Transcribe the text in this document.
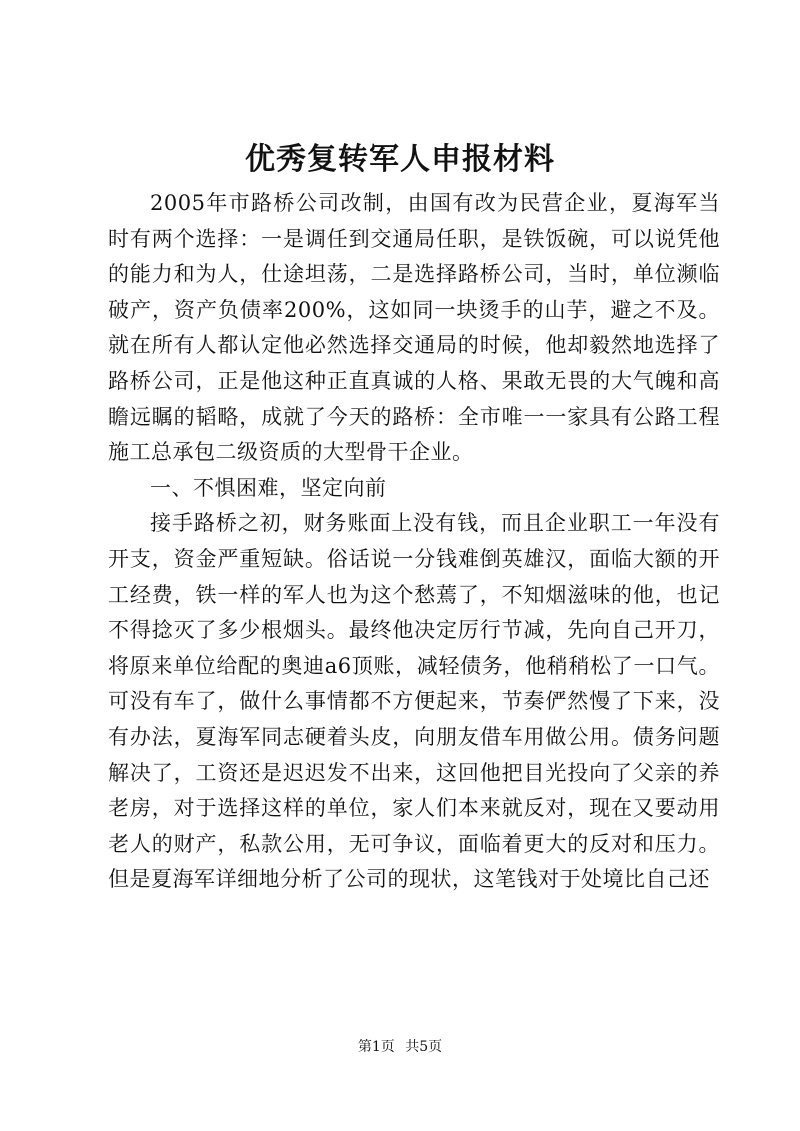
优秀复转军人申报材料

2005年市路桥公司改制，由国有改为民营企业，夏海军当时有两个选择：一是调任到交通局任职，是铁饭碗，可以说凭他的能力和为人，仕途坦荡，二是选择路桥公司，当时，单位濒临破产，资产负债率200%，这如同一块烫手的山芋，避之不及。就在所有人都认定他必然选择交通局的时候，他却毅然地选择了路桥公司，正是他这种正直真诚的人格、果敢无畏的大气魄和高瞻远瞩的韬略，成就了今天的路桥：全市唯一一家具有公路工程施工总承包二级资质的大型骨干企业。

一、不惧困难，坚定向前

接手路桥之初，财务账面上没有钱，而且企业职工一年没有开支，资金严重短缺。俗话说一分钱难倒英雄汉，面临大额的开工经费，铁一样的军人也为这个愁蔫了，不知烟滋味的他，也记不得捻灭了多少根烟头。最终他决定厉行节减，先向自己开刀，将原来单位给配的奥迪a6顶账，减轻债务，他稍稍松了一口气。可没有车了，做什么事情都不方便起来，节奏俨然慢了下来，没有办法，夏海军同志硬着头皮，向朋友借车用做公用。债务问题解决了，工资还是迟迟发不出来，这回他把目光投向了父亲的养老房，对于选择这样的单位，家人们本来就反对，现在又要动用老人的财产，私款公用，无可争议，面临着更大的反对和压力。但是夏海军详细地分析了公司的现状，这笔钱对于处境比自己还

第1页 共5页
